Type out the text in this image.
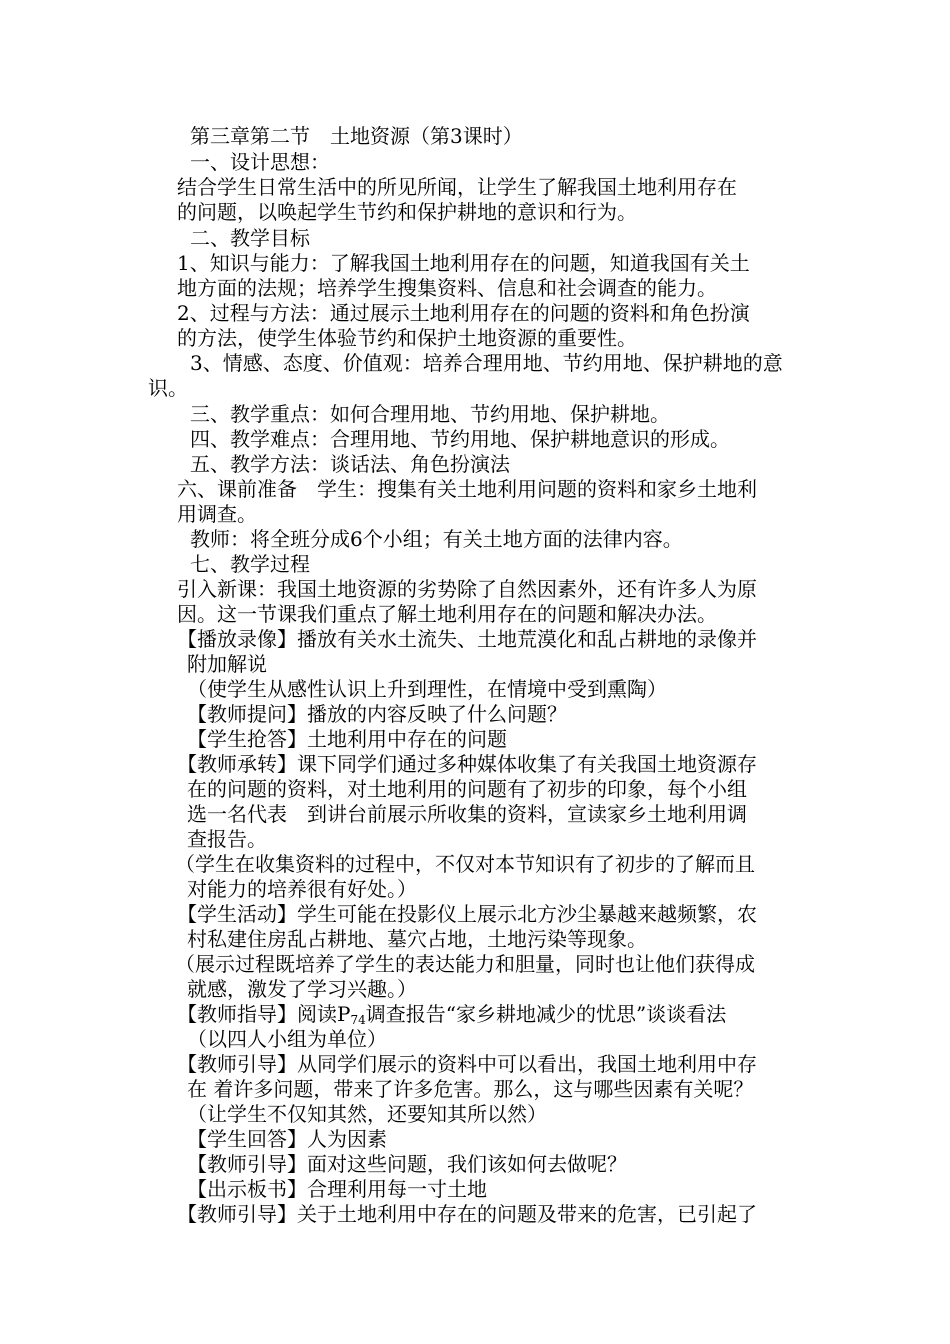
第三章第二节　土地资源（第3课时）
一、设计思想：
结合学生日常生活中的所见所闻，让学生了解我国土地利用存在
的问题，以唤起学生节约和保护耕地的意识和行为。
二、教学目标
1、知识与能力：了解我国土地利用存在的问题，知道我国有关土
地方面的法规；培养学生搜集资料、信息和社会调查的能力。
2、过程与方法：通过展示土地利用存在的问题的资料和角色扮演
的方法，使学生体验节约和保护土地资源的重要性。
3、情感、态度、价值观：培养合理用地、节约用地、保护耕地的意
识。
三、教学重点：如何合理用地、节约用地、保护耕地。
四、教学难点：合理用地、节约用地、保护耕地意识的形成。
五、教学方法：谈话法、角色扮演法
六、课前准备　学生：搜集有关土地利用问题的资料和家乡土地利
用调查。
教师：将全班分成6个小组；有关土地方面的法律内容。
七、教学过程
引入新课：我国土地资源的劣势除了自然因素外，还有许多人为原
因。这一节课我们重点了解土地利用存在的问题和解决办法。
【播放录像】播放有关水土流失、土地荒漠化和乱占耕地的录像并
附加解说
（使学生从感性认识上升到理性，在情境中受到熏陶）
【教师提问】播放的内容反映了什么问题？
【学生抢答】土地利用中存在的问题
【教师承转】课下同学们通过多种媒体收集了有关我国土地资源存
在的问题的资料，对土地利用的问题有了初步的印象，每个小组
选一名代表　到讲台前展示所收集的资料，宣读家乡土地利用调
查报告。
（学生在收集资料的过程中，不仅对本节知识有了初步的了解而且
对能力的培养很有好处。）
【学生活动】学生可能在投影仪上展示北方沙尘暴越来越频繁，农
村私建住房乱占耕地、墓穴占地，土地污染等现象。
（展示过程既培养了学生的表达能力和胆量，同时也让他们获得成
就感，激发了学习兴趣。）
【教师指导】阅读$P_{74}$调查报告“家乡耕地减少的忧思”谈谈看法
（以四人小组为单位）
【教师引导】从同学们展示的资料中可以看出，我国土地利用中存
在 着许多问题，带来了许多危害。那么，这与哪些因素有关呢？
（让学生不仅知其然，还要知其所以然）
【学生回答】人为因素
【教师引导】面对这些问题，我们该如何去做呢？
【出示板书】合理利用每一寸土地
【教师引导】关于土地利用中存在的问题及带来的危害，已引起了
